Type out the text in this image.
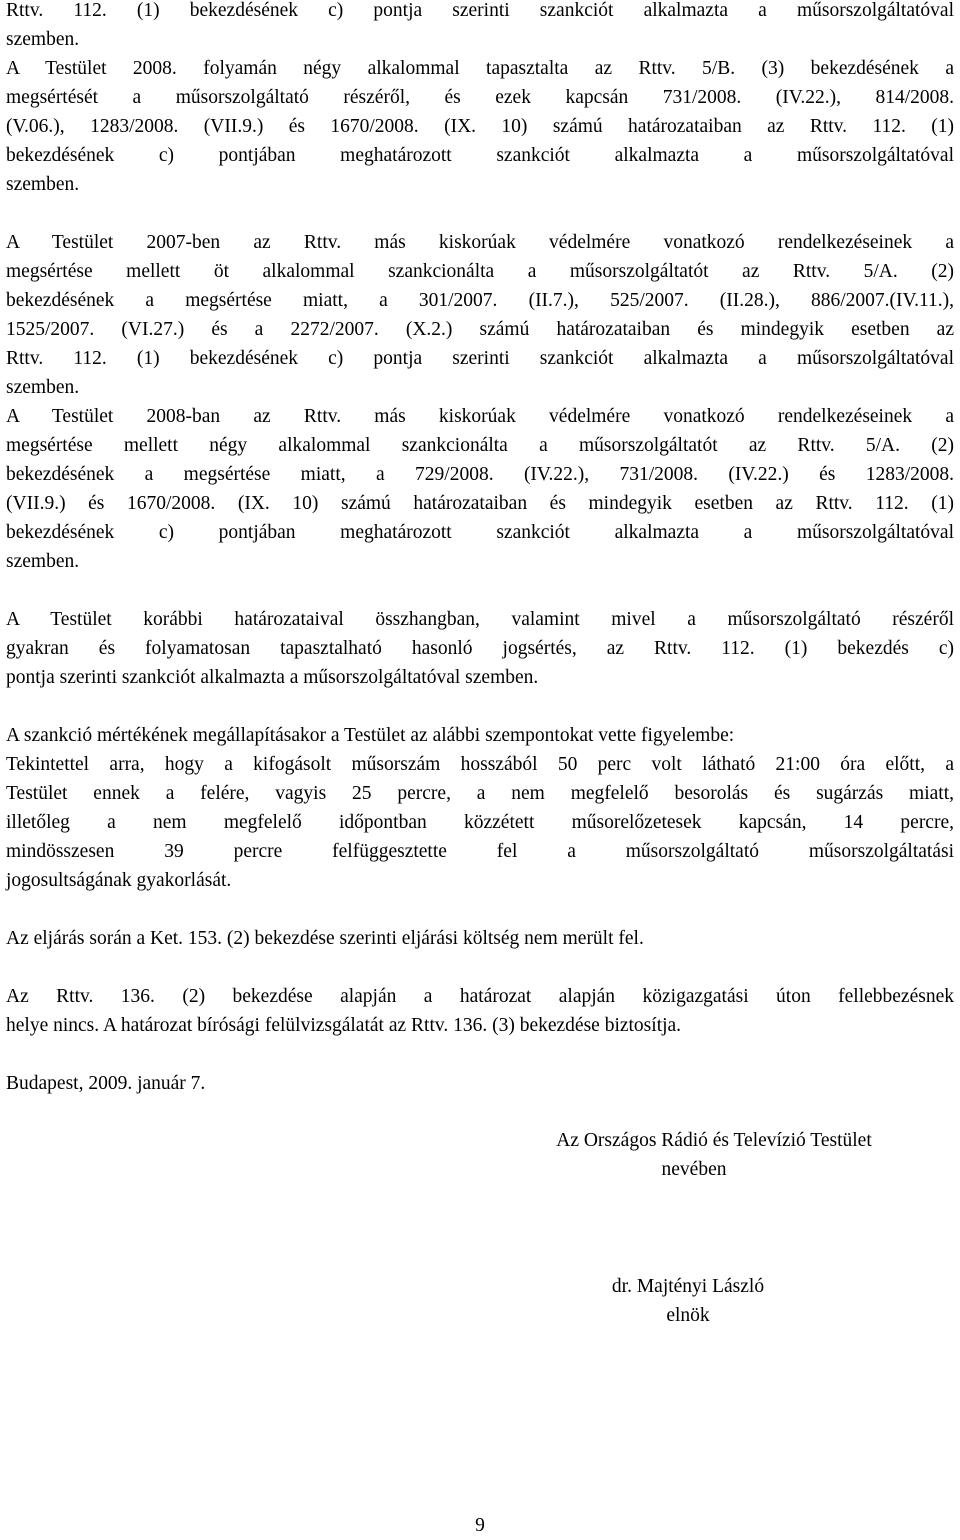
Rttv. 112. (1) bekezdésének c) pontja szerinti szankciót alkalmazta a műsorszolgáltatóval
szemben.
A Testület 2008. folyamán négy alkalommal tapasztalta az Rttv. 5/B. (3) bekezdésének a
megsértését a műsorszolgáltató részéről, és ezek kapcsán 731/2008. (IV.22.), 814/2008.
(V.06.), 1283/2008. (VII.9.) és 1670/2008. (IX. 10) számú határozataiban az Rttv. 112. (1)
bekezdésének c) pontjában meghatározott szankciót alkalmazta a műsorszolgáltatóval
szemben.
A Testület 2007-ben az Rttv. más kiskorúak védelmére vonatkozó rendelkezéseinek a
megsértése mellett öt alkalommal szankcionálta a műsorszolgáltatót az Rttv. 5/A. (2)
bekezdésének a megsértése miatt, a 301/2007. (II.7.), 525/2007. (II.28.), 886/2007.(IV.11.),
1525/2007. (VI.27.) és a 2272/2007. (X.2.) számú határozataiban és mindegyik esetben az
Rttv. 112. (1) bekezdésének c) pontja szerinti szankciót alkalmazta a műsorszolgáltatóval
szemben.
A Testület 2008-ban az Rttv. más kiskorúak védelmére vonatkozó rendelkezéseinek a
megsértése mellett négy alkalommal szankcionálta a műsorszolgáltatót az Rttv. 5/A. (2)
bekezdésének a megsértése miatt, a 729/2008. (IV.22.), 731/2008. (IV.22.) és 1283/2008.
(VII.9.) és 1670/2008. (IX. 10) számú határozataiban és mindegyik esetben az Rttv. 112. (1)
bekezdésének c) pontjában meghatározott szankciót alkalmazta a műsorszolgáltatóval
szemben.
A Testület korábbi határozataival összhangban, valamint mivel a műsorszolgáltató részéről
gyakran és folyamatosan tapasztalható hasonló jogsértés, az Rttv. 112. (1) bekezdés c)
pontja szerinti szankciót alkalmazta a műsorszolgáltatóval szemben.
A szankció mértékének megállapításakor a Testület az alábbi szempontokat vette figyelembe:
Tekintettel arra, hogy a kifogásolt műsorszám hosszából 50 perc volt látható 21:00 óra előtt, a
Testület ennek a felére, vagyis 25 percre, a nem megfelelő besorolás és sugárzás miatt,
illetőleg a nem megfelelő időpontban közzétett műsorelőzetesek kapcsán, 14 percre,
mindösszesen 39 percre felfüggesztette fel a műsorszolgáltató műsorszolgáltatási
jogosultságának gyakorlását.
Az eljárás során a Ket. 153. (2) bekezdése szerinti eljárási költség nem merült fel.
Az Rttv. 136. (2) bekezdése alapján a határozat alapján közigazgatási úton fellebbezésnek
helye nincs. A határozat bírósági felülvizsgálatát az Rttv. 136. (3) bekezdése biztosítja.
Budapest, 2009. január 7.
Az Országos Rádió és Televízió Testület
nevében
dr. Majtényi László
elnök
9
